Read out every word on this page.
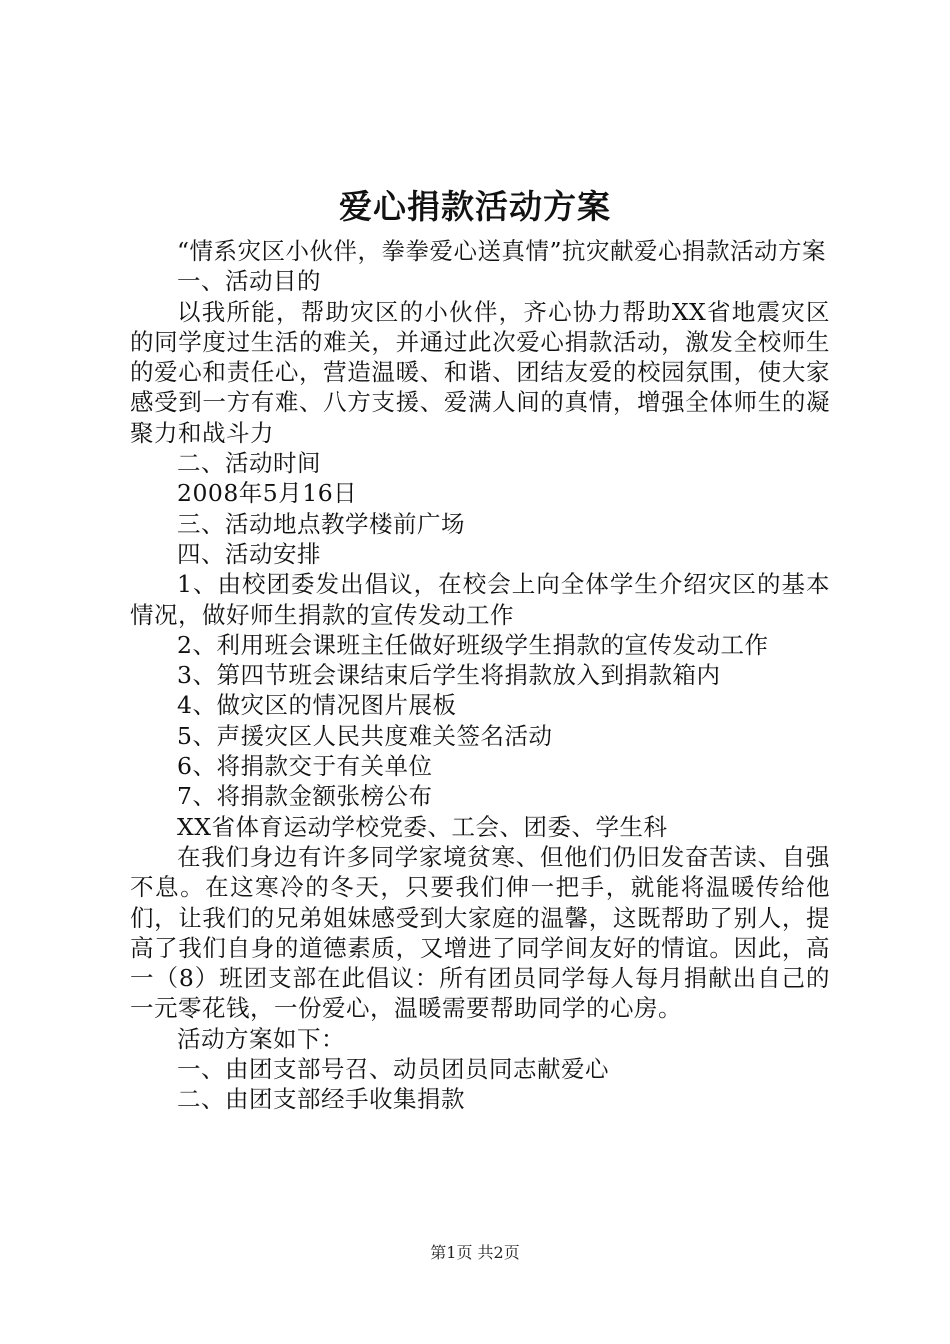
爱心捐款活动方案

“情系灾区小伙伴，拳拳爱心送真情”抗灾献爱心捐款活动方案

一、活动目的

以我所能，帮助灾区的小伙伴，齐心协力帮助XX省地震灾区的同学度过生活的难关，并通过此次爱心捐款活动，激发全校师生的爱心和责任心，营造温暖、和谐、团结友爱的校园氛围，使大家感受到一方有难、八方支援、爱满人间的真情，增强全体师生的凝聚力和战斗力

二、活动时间

2008年5月16日

三、活动地点教学楼前广场

四、活动安排

1、由校团委发出倡议，在校会上向全体学生介绍灾区的基本情况，做好师生捐款的宣传发动工作

2、利用班会课班主任做好班级学生捐款的宣传发动工作

3、第四节班会课结束后学生将捐款放入到捐款箱内

4、做灾区的情况图片展板

5、声援灾区人民共度难关签名活动

6、将捐款交于有关单位

7、将捐款金额张榜公布

XX省体育运动学校党委、工会、团委、学生科

在我们身边有许多同学家境贫寒、但他们仍旧发奋苦读、自强不息。在这寒冷的冬天，只要我们伸一把手，就能将温暖传给他们，让我们的兄弟姐妹感受到大家庭的温馨，这既帮助了别人，提高了我们自身的道德素质，又增进了同学间友好的情谊。因此，高一（8）班团支部在此倡议：所有团员同学每人每月捐献出自己的一元零花钱，一份爱心，温暖需要帮助同学的心房。

活动方案如下：

一、由团支部号召、动员团员同志献爱心

二、由团支部经手收集捐款

第1页 共2页
